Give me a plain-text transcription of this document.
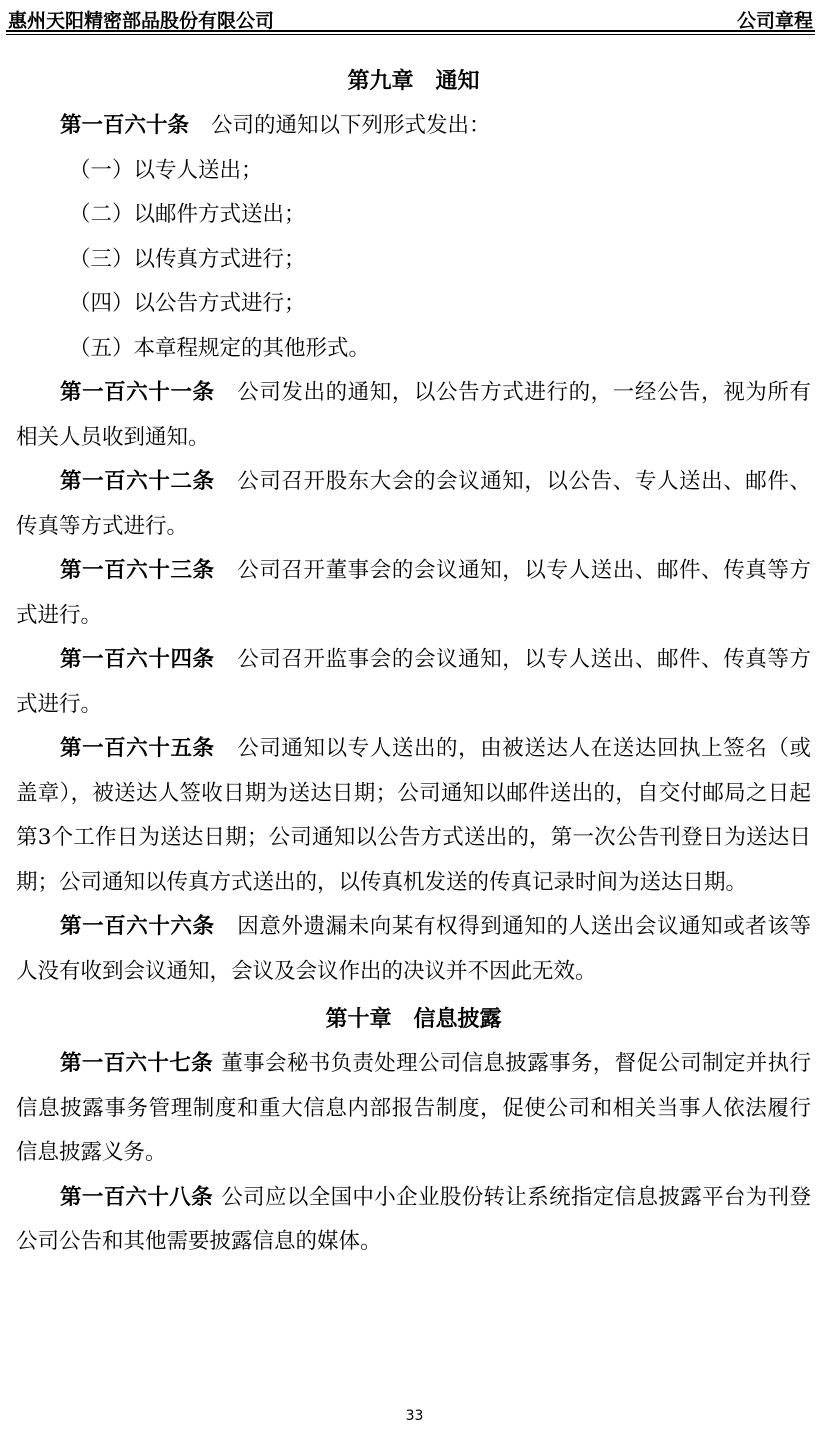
惠州天阳精密部品股份有限公司	公司章程
第九章 通知

第一百六十条 公司的通知以下列形式发出：

（一）以专人送出；

（二）以邮件方式送出；

（三）以传真方式进行；

（四）以公告方式进行；

（五）本章程规定的其他形式。

第一百六十一条 公司发出的通知，以公告方式进行的，一经公告，视为所有相关人员收到通知。

第一百六十二条 公司召开股东大会的会议通知，以公告、专人送出、邮件、传真等方式进行。

第一百六十三条 公司召开董事会的会议通知，以专人送出、邮件、传真等方式进行。

第一百六十四条 公司召开监事会的会议通知，以专人送出、邮件、传真等方式进行。

第一百六十五条 公司通知以专人送出的，由被送达人在送达回执上签名（或盖章），被送达人签收日期为送达日期；公司通知以邮件送出的，自交付邮局之日起第3个工作日为送达日期；公司通知以公告方式送出的，第一次公告刊登日为送达日期；公司通知以传真方式送出的，以传真机发送的传真记录时间为送达日期。

第一百六十六条 因意外遗漏未向某有权得到通知的人送出会议通知或者该等人没有收到会议通知，会议及会议作出的决议并不因此无效。

第十章 信息披露

第一百六十七条 董事会秘书负责处理公司信息披露事务，督促公司制定并执行信息披露事务管理制度和重大信息内部报告制度，促使公司和相关当事人依法履行信息披露义务。

第一百六十八条 公司应以全国中小企业股份转让系统指定信息披露平台为刊登公司公告和其他需要披露信息的媒体。

33
